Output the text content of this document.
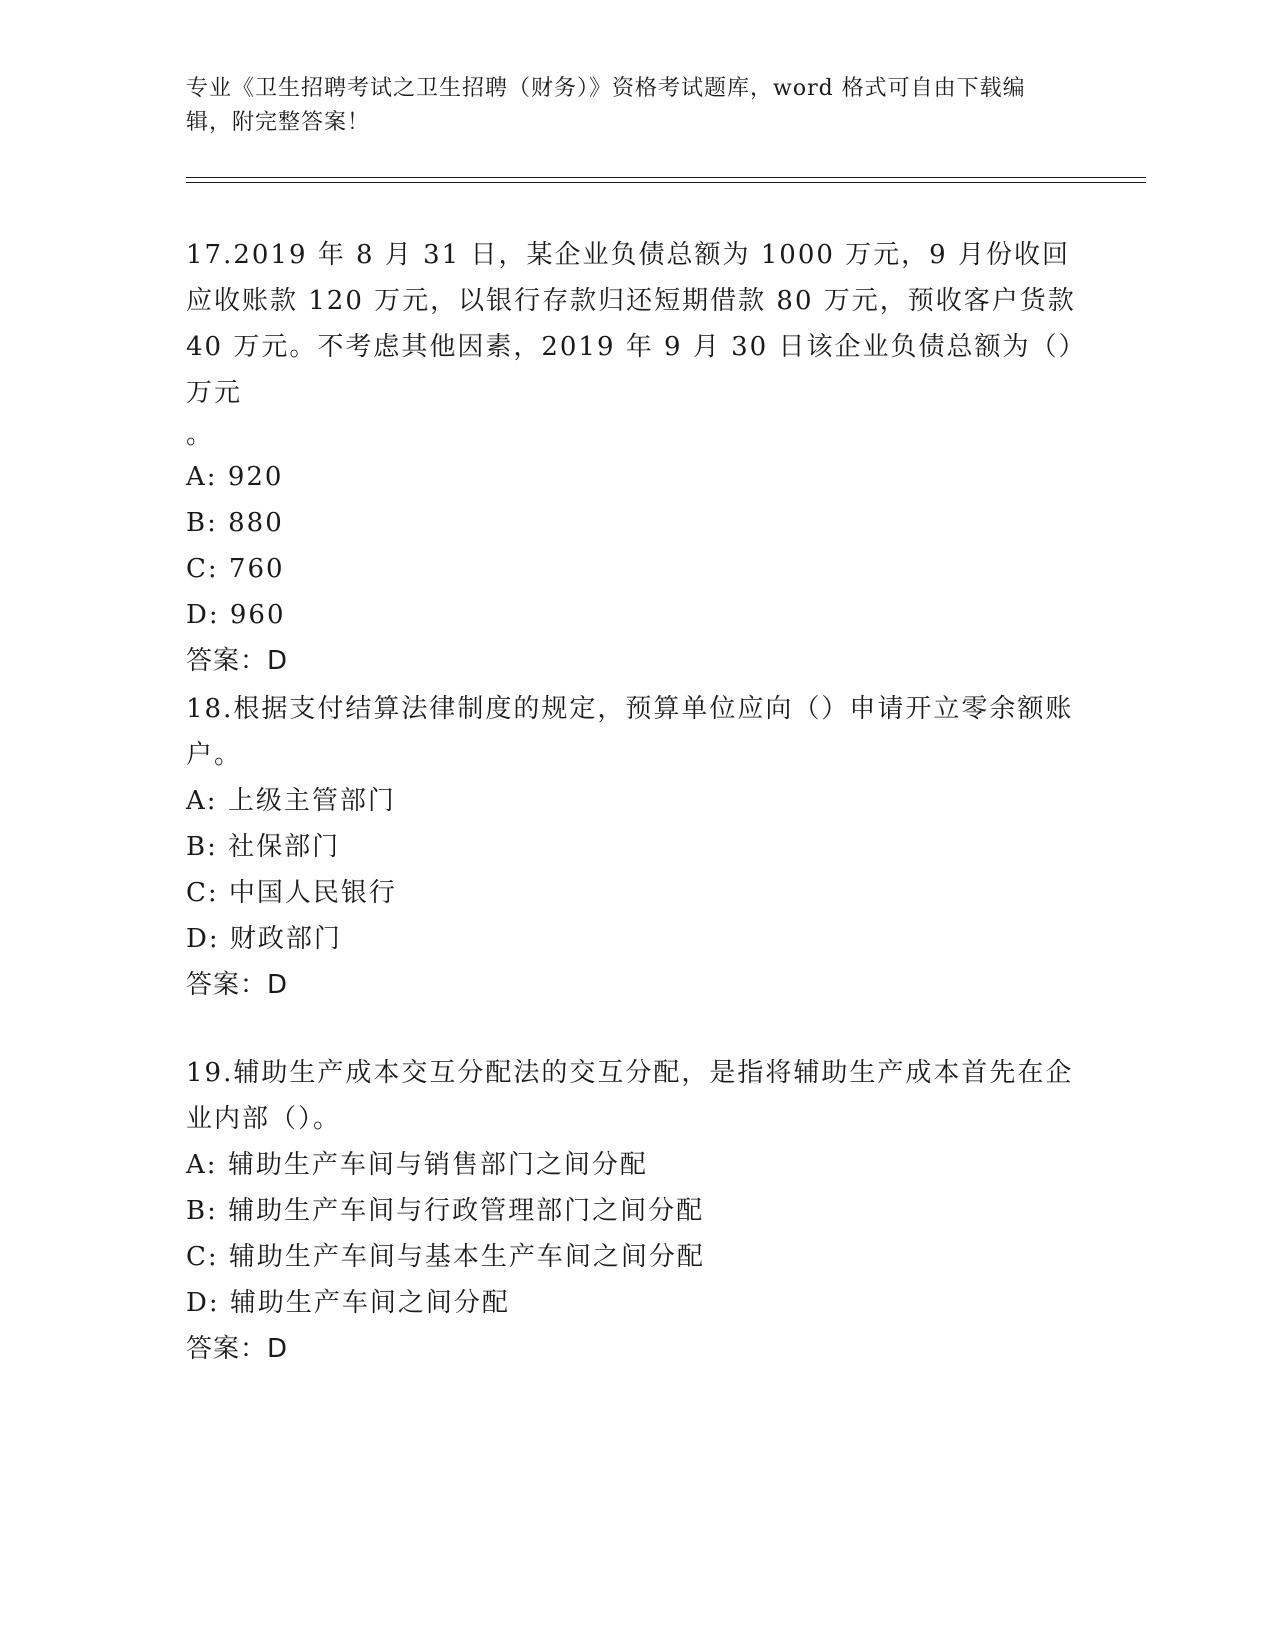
专业《卫生招聘考试之卫生招聘（财务）》资格考试题库，word 格式可自由下载编辑，附完整答案！

17.2019 年 8 月 31 日，某企业负债总额为 1000 万元，9 月份收回应收账款 120 万元，以银行存款归还短期借款 80 万元，预收客户货款 40 万元。不考虑其他因素，2019 年 9 月 30 日该企业负债总额为（）万元

。

A: 920

B: 880

C: 760

D: 960

答案：D

18.根据支付结算法律制度的规定，预算单位应向（）申请开立零余额账户。

A: 上级主管部门

B: 社保部门

C: 中国人民银行

D: 财政部门

答案：D

19.辅助生产成本交互分配法的交互分配，是指将辅助生产成本首先在企业内部（）。

A: 辅助生产车间与销售部门之间分配

B: 辅助生产车间与行政管理部门之间分配

C: 辅助生产车间与基本生产车间之间分配

D: 辅助生产车间之间分配

答案：D
